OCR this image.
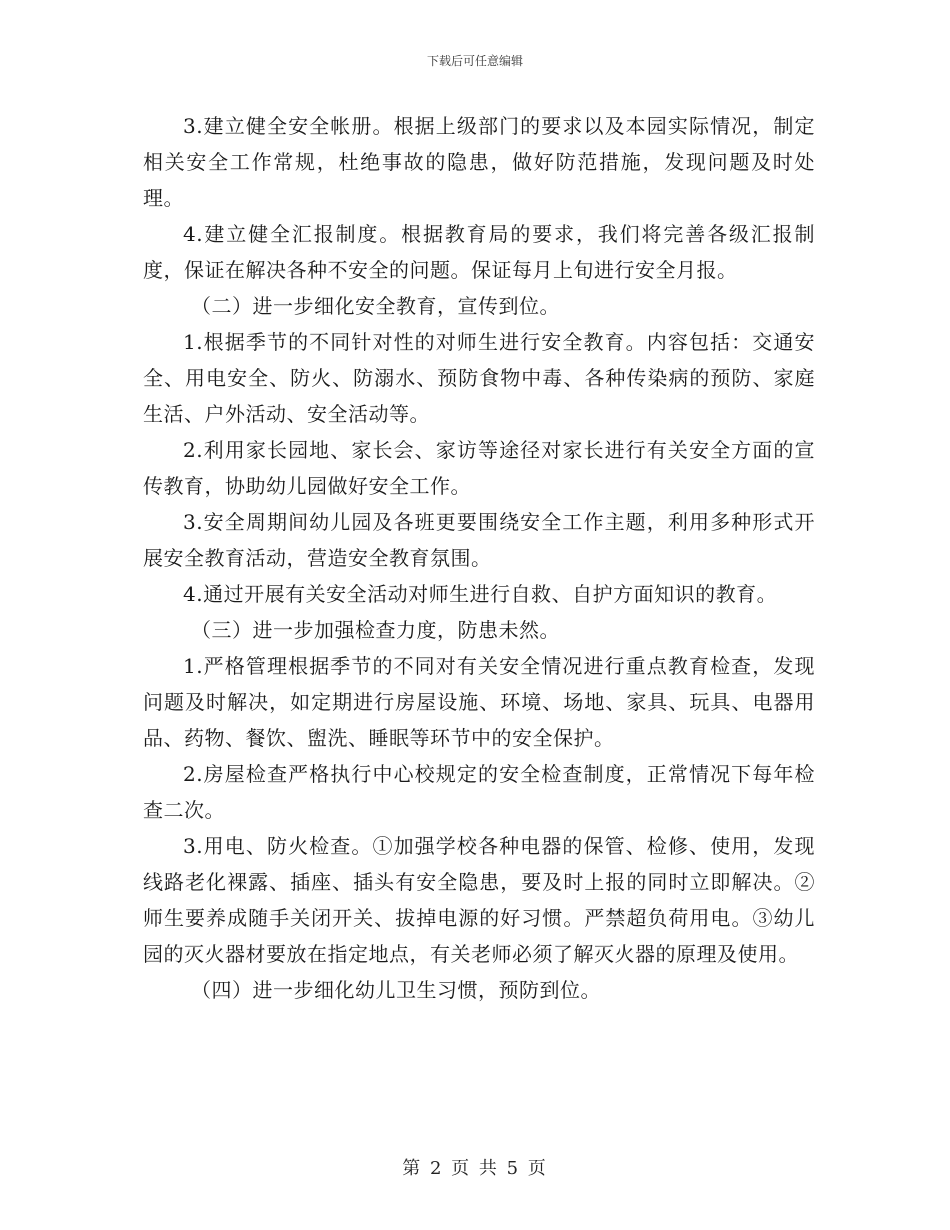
下载后可任意编辑

3.建立健全安全帐册。根据上级部门的要求以及本园实际情况，制定相关安全工作常规，杜绝事故的隐患，做好防范措施，发现问题及时处理。

4.建立健全汇报制度。根据教育局的要求，我们将完善各级汇报制度，保证在解决各种不安全的问题。保证每月上旬进行安全月报。

（二）进一步细化安全教育，宣传到位。

1.根据季节的不同针对性的对师生进行安全教育。内容包括：交通安全、用电安全、防火、防溺水、预防食物中毒、各种传染病的预防、家庭生活、户外活动、安全活动等。

2.利用家长园地、家长会、家访等途径对家长进行有关安全方面的宣传教育，协助幼儿园做好安全工作。

3.安全周期间幼儿园及各班更要围绕安全工作主题，利用多种形式开展安全教育活动，营造安全教育氛围。

4.通过开展有关安全活动对师生进行自救、自护方面知识的教育。

（三）进一步加强检查力度，防患未然。

1.严格管理根据季节的不同对有关安全情况进行重点教育检查，发现问题及时解决，如定期进行房屋设施、环境、场地、家具、玩具、电器用品、药物、餐饮、盥洗、睡眠等环节中的安全保护。

2.房屋检查严格执行中心校规定的安全检查制度，正常情况下每年检查二次。

3.用电、防火检查。①加强学校各种电器的保管、检修、使用，发现线路老化裸露、插座、插头有安全隐患，要及时上报的同时立即解决。②师生要养成随手关闭开关、拔掉电源的好习惯。严禁超负荷用电。③幼儿园的灭火器材要放在指定地点，有关老师必须了解灭火器的原理及使用。

（四）进一步细化幼儿卫生习惯，预防到位。

第 2 页 共 5 页
